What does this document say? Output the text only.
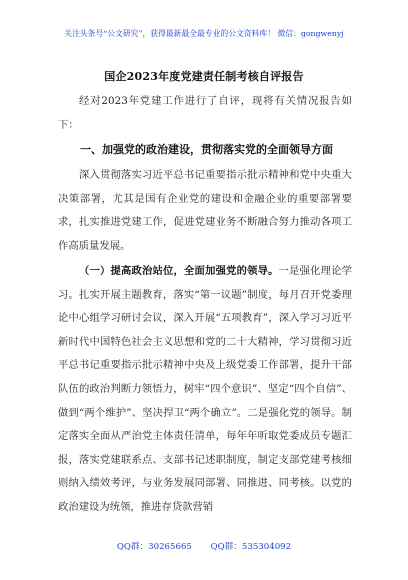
关注头条号“公文研究”，获得最新最全最专业的公文资料库！ 微信：gongwenyj
国企2023年度党建责任制考核自评报告
经对2023年党建工作进行了自评，现将有关情况报告如下：
一、加强党的政治建设，贯彻落实党的全面领导方面
深入贯彻落实习近平总书记重要指示批示精神和党中央重大决策部署，尤其是国有企业党的建设和金融企业的重要部署要求，扎实推进党建工作，促进党建业务不断融合努力推动各项工作高质量发展。
（一）提高政治站位，全面加强党的领导。一是强化理论学习。扎实开展主题教育，落实“第一议题”制度，每月召开党委理论中心组学习研讨会议，深入开展“五项教育”，深入学习习近平新时代中国特色社会主义思想和党的二十大精神，学习贯彻习近平总书记重要指示批示精神中央及上级党委工作部署，提升干部队伍的政治判断力领悟力，树牢“四个意识”、坚定“四个自信”、做到“两个维护”、坚决捍卫“两个确立”。二是强化党的领导。制定落实全面从严治党主体责任清单，每年年听取党委成员专题汇报，落实党建联系点、支部书记述职制度，制定支部党建考核细则纳入绩效考评，与业务发展同部署、同推进、同考核。以党的政治建设为统领，推进存贷款营销
QQ群：30265665 QQ群：535304092
